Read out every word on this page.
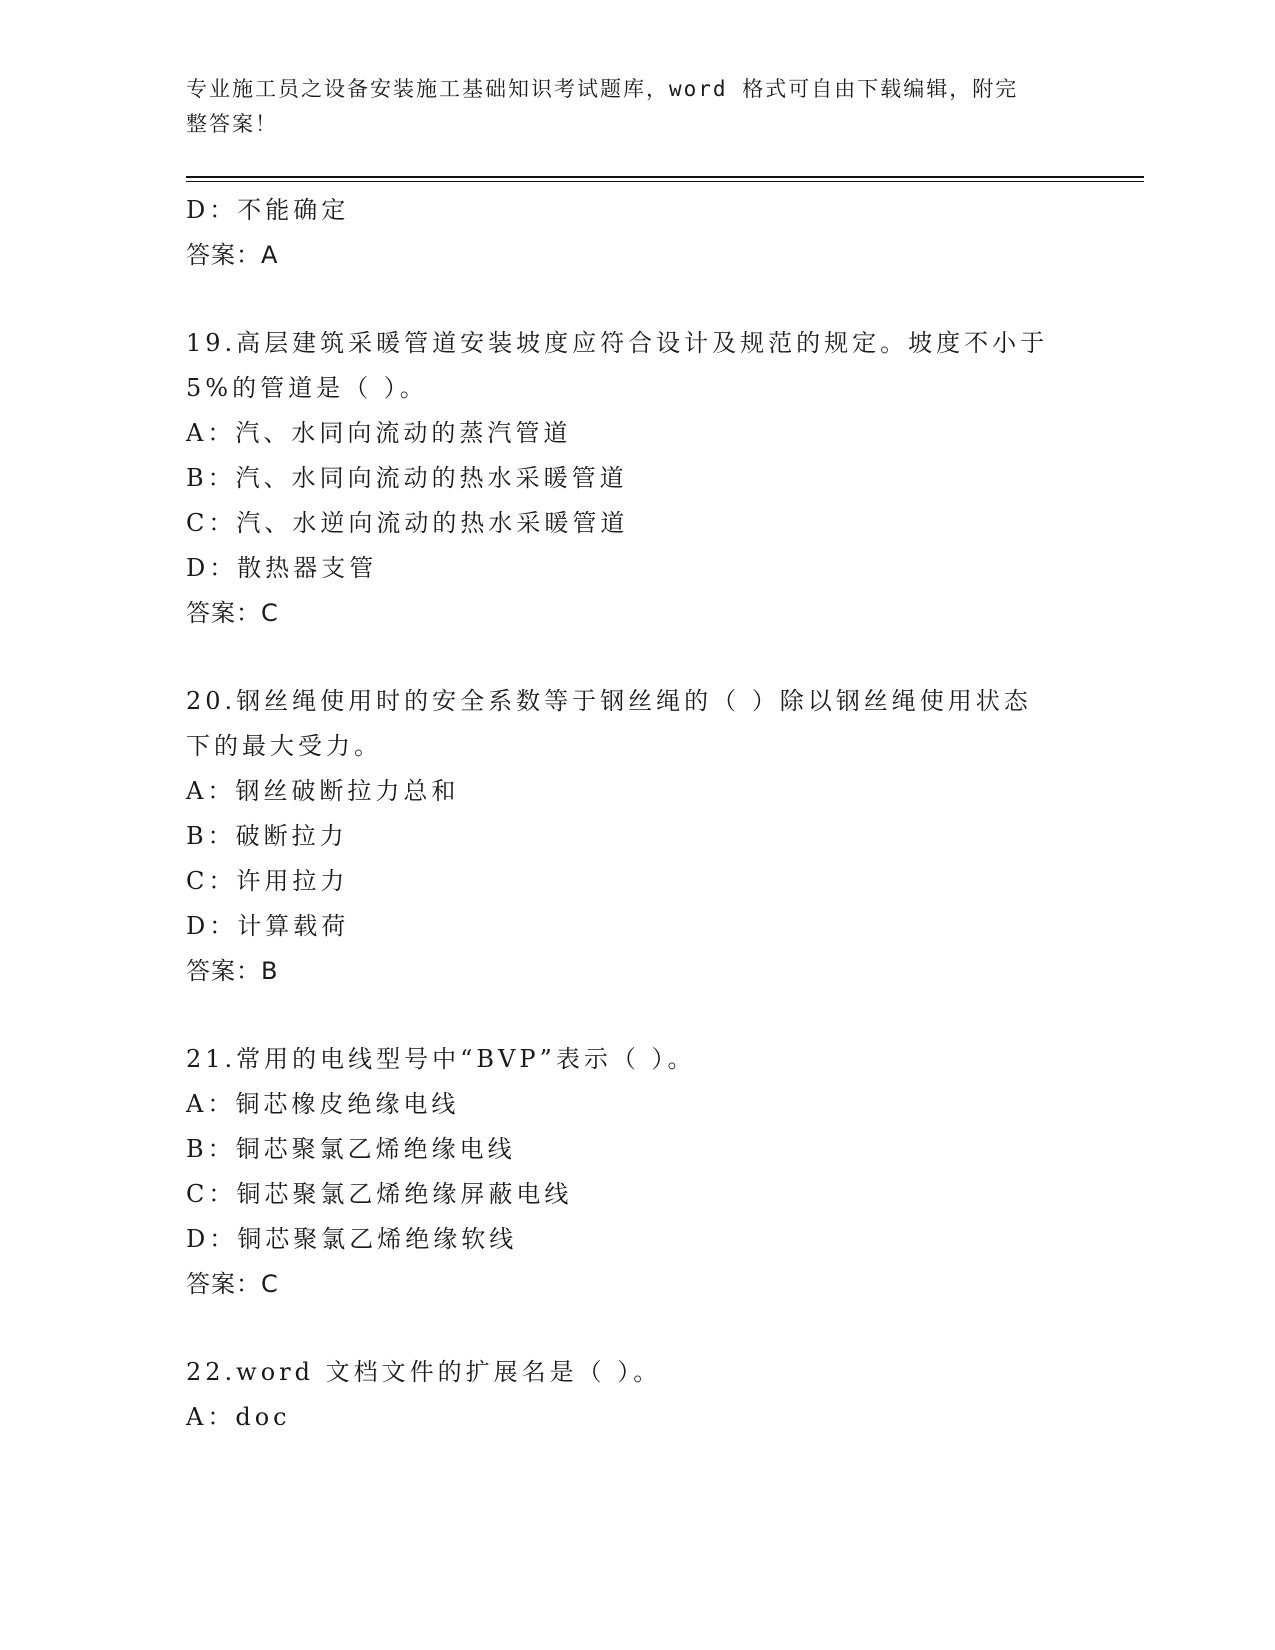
专业施工员之设备安装施工基础知识考试题库，word 格式可自由下载编辑，附完
整答案！
D：不能确定
答案：A
19.高层建筑采暖管道安装坡度应符合设计及规范的规定。坡度不小于
5%的管道是（ ）。
A：汽、水同向流动的蒸汽管道
B：汽、水同向流动的热水采暖管道
C：汽、水逆向流动的热水采暖管道
D：散热器支管
答案：C
20.钢丝绳使用时的安全系数等于钢丝绳的（ ）除以钢丝绳使用状态
下的最大受力。
A：钢丝破断拉力总和
B：破断拉力
C：许用拉力
D：计算载荷
答案：B
21.常用的电线型号中“BVP”表示（ ）。
A：铜芯橡皮绝缘电线
B：铜芯聚氯乙烯绝缘电线
C：铜芯聚氯乙烯绝缘屏蔽电线
D：铜芯聚氯乙烯绝缘软线
答案：C
22.word 文档文件的扩展名是（ ）。
A：doc
